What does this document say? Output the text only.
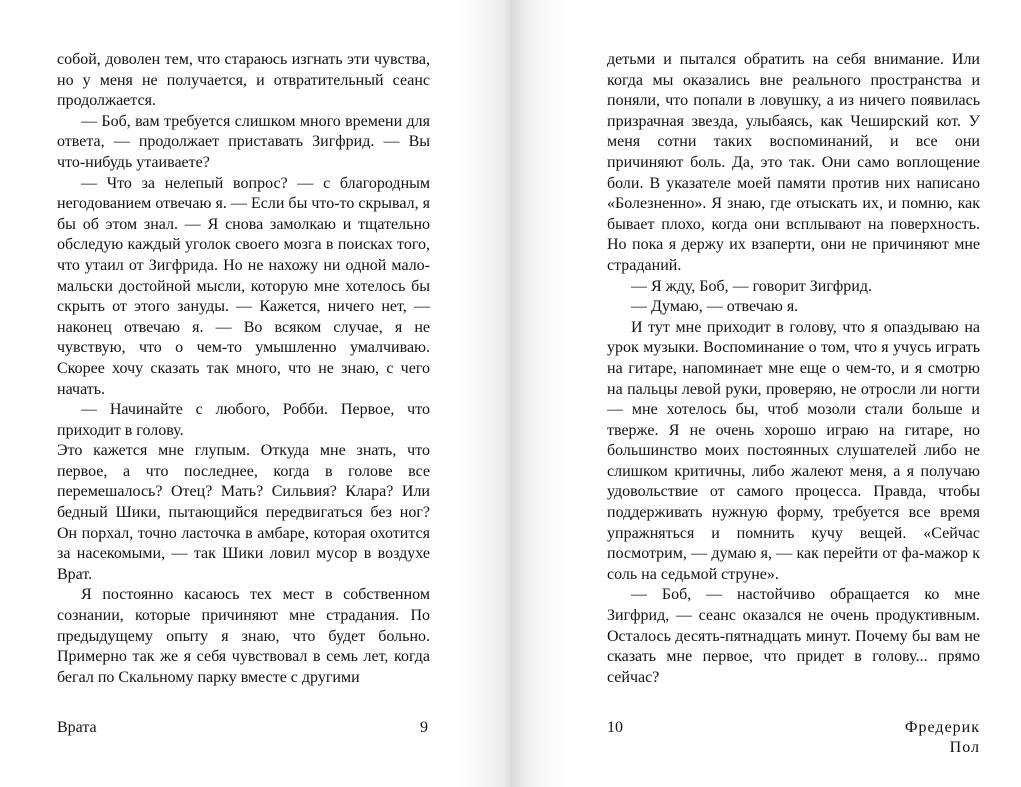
собой, доволен тем, что стараюсь изгнать эти чувства, но у меня не получается, и отвратительный сеанс продолжается.

— Боб, вам требуется слишком много времени для ответа, — продолжает приставать Зигфрид. — Вы что-нибудь утаиваете?

— Что за нелепый вопрос? — с благородным негодованием отвечаю я. — Если бы что-то скрывал, я бы об этом знал. — Я снова замолкаю и тщательно обследую каждый уголок своего мозга в поисках того, что утаил от Зигфрида. Но не нахожу ни одной мало-мальски достойной мысли, которую мне хотелось бы скрыть от этого зануды. — Кажется, ничего нет, — наконец отвечаю я. — Во всяком случае, я не чувствую, что о чем-то умышленно умалчиваю. Скорее хочу сказать так много, что не знаю, с чего начать.

— Начинайте с любого, Робби. Первое, что приходит в голову.

Это кажется мне глупым. Откуда мне знать, что первое, а что последнее, когда в голове все перемешалось? Отец? Мать? Сильвия? Клара? Или бедный Шики, пытающийся передвигаться без ног? Он порхал, точно ласточка в амбаре, которая охотится за насекомыми, — так Шики ловил мусор в воздухе Врат.

Я постоянно касаюсь тех мест в собственном сознании, которые причиняют мне страдания. По предыдущему опыту я знаю, что будет больно. Примерно так же я себя чувствовал в семь лет, когда бегал по Скальному парку вместе с другими

Врата	9

детьми и пытался обратить на себя внимание. Или когда мы оказались вне реального пространства и поняли, что попали в ловушку, а из ничего появилась призрачная звезда, улыбаясь, как Чеширский кот. У меня сотни таких воспоминаний, и все они причиняют боль. Да, это так. Они само воплощение боли. В указателе моей памяти против них написано «Болезненно». Я знаю, где отыскать их, и помню, как бывает плохо, когда они всплывают на поверхность. Но пока я держу их взаперти, они не причиняют мне страданий.

— Я жду, Боб, — говорит Зигфрид.

— Думаю, — отвечаю я.

И тут мне приходит в голову, что я опаздываю на урок музыки. Воспоминание о том, что я учусь играть на гитаре, напоминает мне еще о чем-то, и я смотрю на пальцы левой руки, проверяю, не отросли ли ногти — мне хотелось бы, чтоб мозоли стали больше и тверже. Я не очень хорошо играю на гитаре, но большинство моих постоянных слушателей либо не слишком критичны, либо жалеют меня, а я получаю удовольствие от самого процесса. Правда, чтобы поддерживать нужную форму, требуется все время упражняться и помнить кучу вещей. «Сейчас посмотрим, — думаю я, — как перейти от фа-мажор к соль на седьмой струне».

— Боб, — настойчиво обращается ко мне Зигфрид, — сеанс оказался не очень продуктивным. Осталось десять-пятнадцать минут. Почему бы вам не сказать мне первое, что придет в голову... прямо сейчас?

10	Фредерик Пол
